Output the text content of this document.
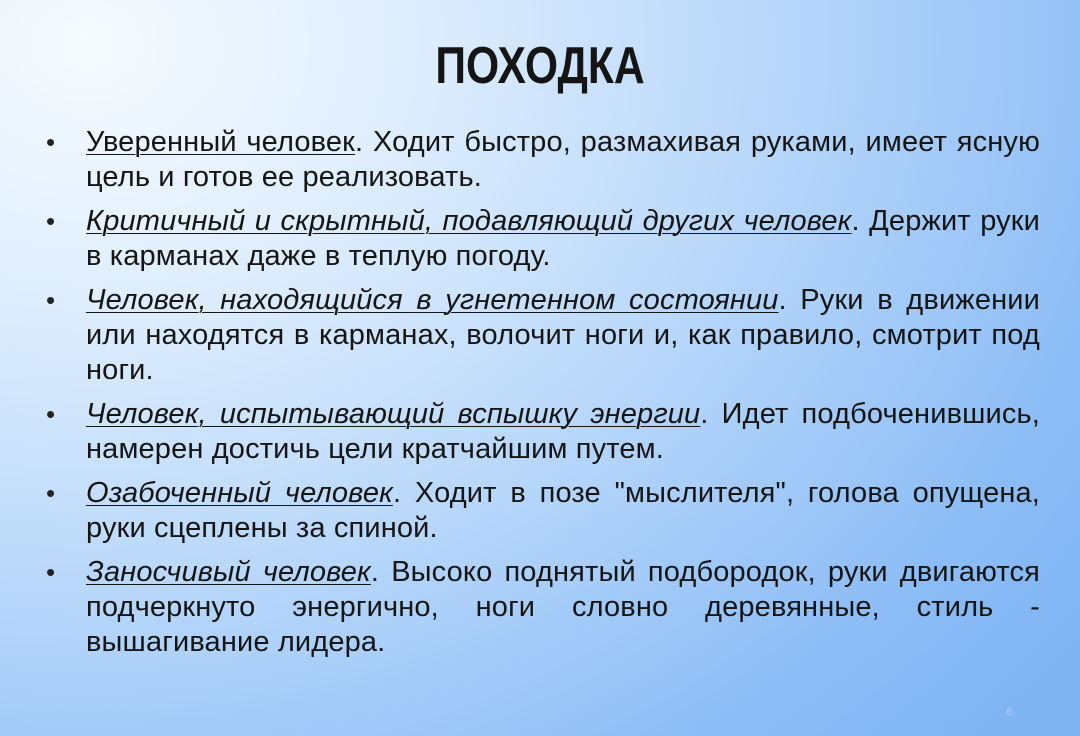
ПОХОДКА
• Уверенный человек. Ходит быстро, размахивая руками, имеет ясную цель и готов ее реализовать.
• Критичный и скрытный, подавляющий других человек. Держит руки в карманах даже в теплую погоду.
• Человек, находящийся в угнетенном состоянии. Руки в движении или находятся в карманах, волочит ноги и, как правило, смотрит под ноги.
• Человек, испытывающий вспышку энергии. Идет подбоченившись, намерен достичь цели кратчайшим путем.
• Озабоченный человек. Ходит в позе "мыслителя", голова опущена, руки сцеплены за спиной.
• Заносчивый человек. Высоко поднятый подбородок, руки двигаются подчеркнуто энергично, ноги словно деревянные, стиль - вышагивание лидера.
6
